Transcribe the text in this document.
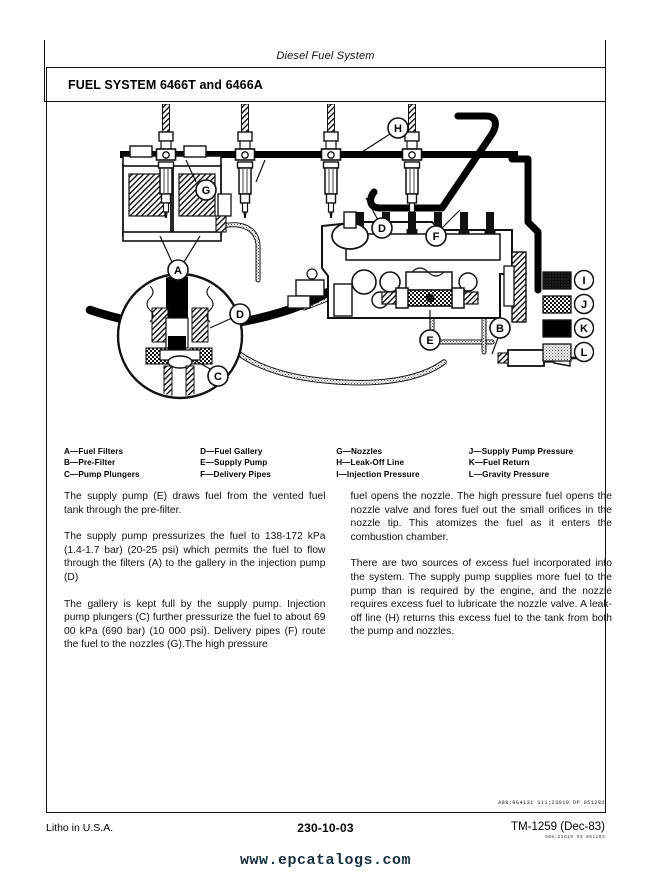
Diesel Fuel System
FUEL SYSTEM 6466T and 6466A
A
C
D
G
H
D
F
E
B
I
J
K
L
A—Fuel Filters
B—Pre-Filter
C—Pump Plungers
D—Fuel Gallery
E—Supply Pump
F—Delivery Pipes
G—Nozzles
H—Leak-Off Line
I—Injection Pressure
J—Supply Pump Pressure
K—Fuel Return
L—Gravity Pressure

The supply pump (E) draws fuel from the vented fuel tank through the pre-filter.

The supply pump pressurizes the fuel to 138-172 kPa (1.4-1.7 bar) (20-25 psi) which permits the fuel to flow through the filters (A) to the gallery in the injection pump (D)

The gallery is kept full by the supply pump. Injection pump plungers (C) further pressurize the fuel to about 69 00 kPa (690 bar) (10 000 psi). Delivery pipes (F) route the fuel to the nozzles (G).The high pressure

fuel opens the nozzle. The high pressure fuel opens the nozzle valve and fores fuel out the small orifices in the nozzle tip. This atomizes the fuel as it enters the combustion chamber.

There are two sources of excess fuel incorporated into the system. The supply pump supplies more fuel to the pump than is required by the engine, and the nozzle requires excess fuel to lubricate the nozzle valve. A leak-off line (H) returns this excess fuel to the tank from both the pump and nozzles.

A88;RG4131 S11;23010 DP 051283
Litho in U.S.A.	230-10-03	TM-1259 (Dec-83)
S08;23010 03 051283
www.epcatalogs.com
